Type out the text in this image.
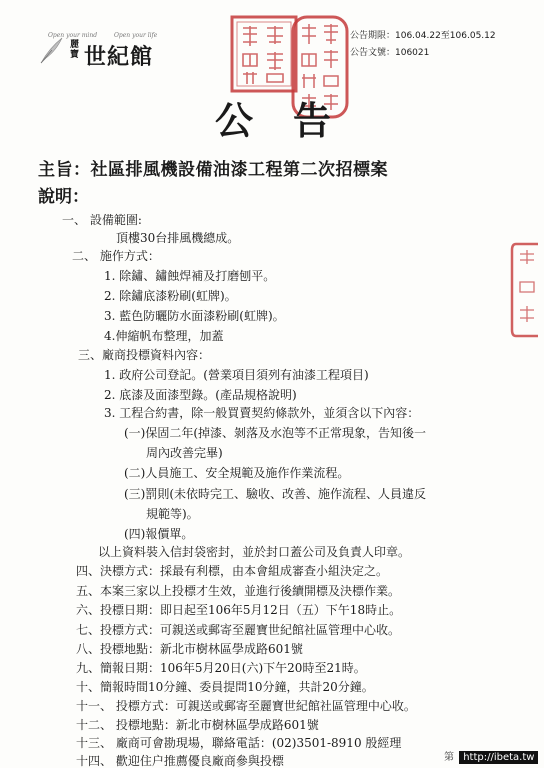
Open your mind	Open your life
麗寶 世紀館
公告期限：106.04.22至106.05.12
公告文號：106021
公告
主旨：社區排風機設備油漆工程第二次招標案
說明：
一、 設備範圍:
頂樓30台排風機總成。
二、 施作方式：
1. 除鏽、鏽蝕焊補及打磨刨平。
2. 除鏽底漆粉刷(虹牌)。
3. 藍色防曬防水面漆粉刷(虹牌)。
4.伸縮帆布整理，加蓋
三、廠商投標資料內容：
1. 政府公司登記。(營業項目須列有油漆工程項目)
2. 底漆及面漆型錄。(產品規格說明)
3. 工程合約書，除一般買賣契約條款外，並須含以下內容：
(一)保固二年(掉漆、剝落及水泡等不正常現象，告知後一
周內改善完畢)
(二)人員施工、安全規範及施作作業流程。
(三)罰則(未依時完工、驗收、改善、施作流程、人員違反
規範等)。
(四)報價單。
以上資料裝入信封袋密封，並於封口蓋公司及負責人印章。
四、決標方式：採最有利標，由本會組成審查小組決定之。
五、本案三家以上投標才生效，並進行後續開標及決標作業。
六、投標日期：即日起至106年5月12日（五）下午18時止。
七、投標方式：可親送或郵寄至麗寶世紀館社區管理中心收。
八、投標地點：新北市樹林區學成路601號
九、簡報日期：106年5月20日(六)下午20時至21時。
十、簡報時間10分鐘、委員提問10分鐘，共計20分鐘。
十一、 投標方式：可親送或郵寄至麗寶世紀館社區管理中心收。
十二、 投標地點：新北市樹林區學成路601號
十三、 廠商可會勘現場，聯絡電話：(02)3501-8910 殷經理
十四、 歡迎住户推薦優良廠商參與投標	第 http://ibeta.tw
